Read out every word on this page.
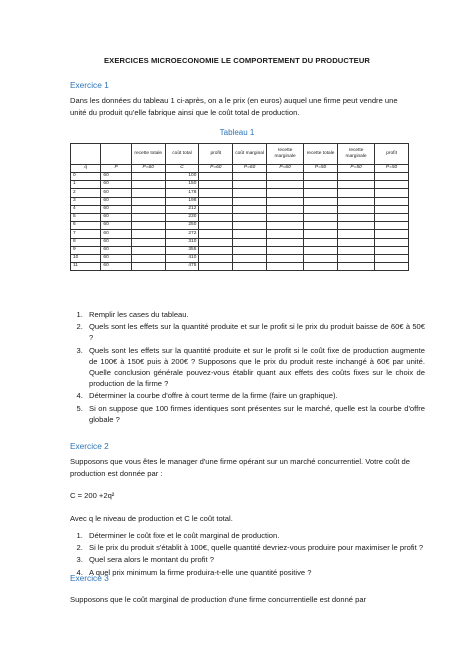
EXERCICES MICROECONOMIE LE COMPORTEMENT DU PRODUCTEUR
Exercice 1
Dans les données du tableau 1 ci-après, on a le prix (en euros) auquel une firme peut vendre une unité du produit qu'elle fabrique ainsi que le coût total de production.
Tableau 1
		recette totale	coût total	profit	coût marginal	recette marginale	recette totale	recette marginale	profit
q	P	P=60	C	P=60	P=60	P=60	P=50	P=50	P=50
0	60		100						
1	60		150						
2	60		178						
3	60		198						
4	60		212						
5	60		230						
6	60		250						
7	60		272						
8	60		310						
9	60		355						
10	60		410						
11	60		475						
1. Remplir les cases du tableau.
2. Quels sont les effets sur la quantité produite et sur le profit si le prix du produit baisse de 60€ à 50€ ?
3. Quels sont les effets sur la quantité produite et sur le profit si le coût fixe de production augmente de 100€ à 150€ puis à 200€ ? Supposons que le prix du produit reste inchangé à 60€ par unité. Quelle conclusion générale pouvez-vous établir quant aux effets des coûts fixes sur le choix de production de la firme ?
4. Déterminer la courbe d'offre à court terme de la firme (faire un graphique).
5. Si on suppose que 100 firmes identiques sont présentes sur le marché, quelle est la courbe d'offre globale ?
Exercice 2
Supposons que vous êtes le manager d'une firme opérant sur un marché concurrentiel. Votre coût de production est donnée par :
C = 200 +2q²
Avec q le niveau de production et C le coût total.
1. Déterminer le coût fixe et le coût marginal de production.
2. Si le prix du produit s'établit à 100€, quelle quantité devriez-vous produire pour maximiser le profit ?
3. Quel sera alors le montant du profit ?
4. A quel prix minimum la firme produira-t-elle une quantité positive ?
Exercice 3
Supposons que le coût marginal de production d'une firme concurrentielle est donné par
